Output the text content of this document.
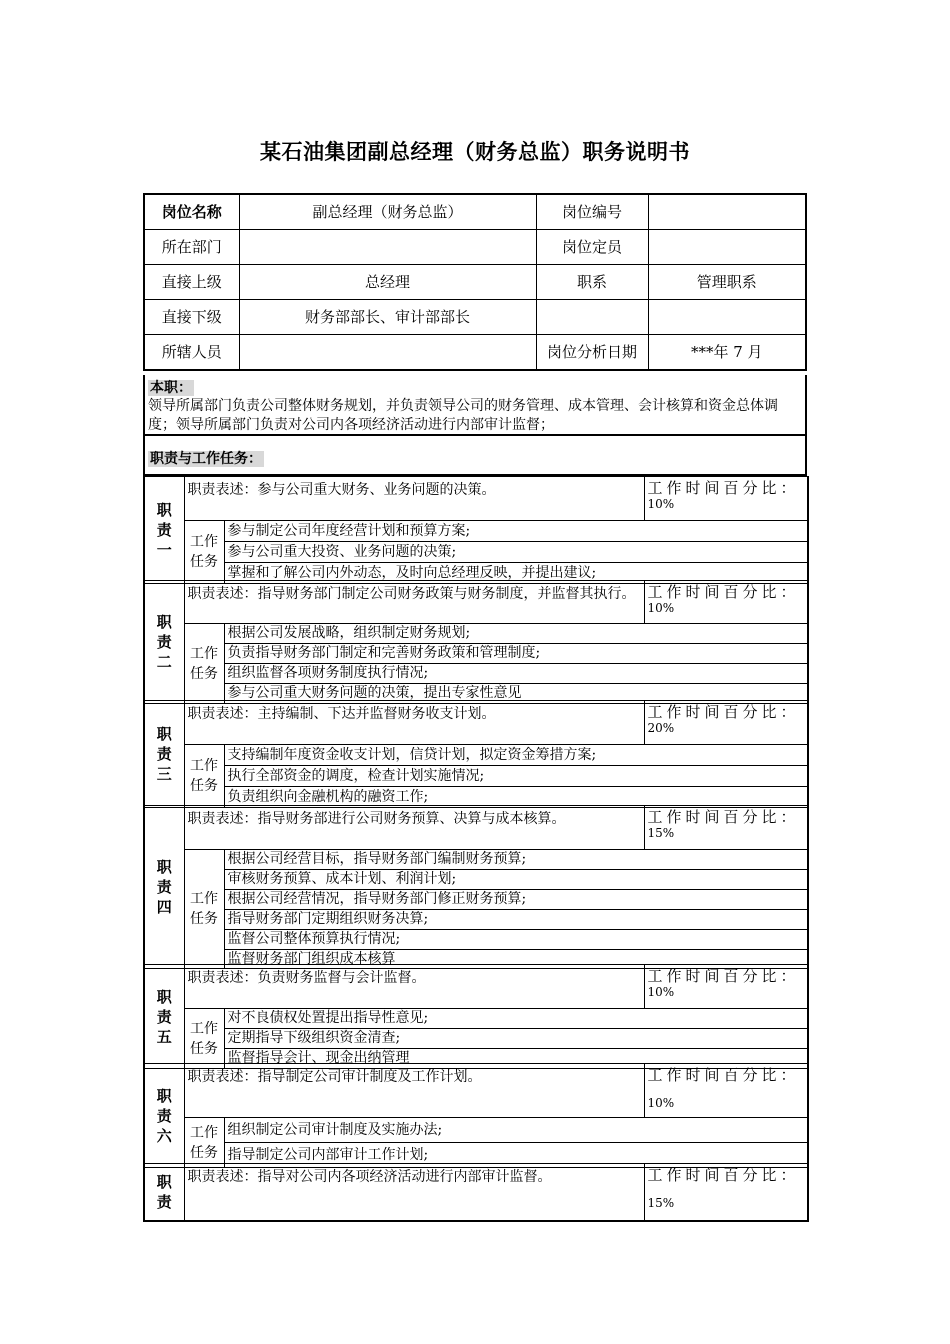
某石油集团副总经理（财务总监）职务说明书
岗位名称	副总经理（财务总监）	岗位编号	
所在部门		岗位定员	
直接上级	总经理	职系	管理职系
直接下级	财务部部长、审计部部长		
所辖人员		岗位分析日期	***年 7 月
本职：
领导所属部门负责公司整体财务规划，并负责领导公司的财务管理、成本管理、会计核算和资金总体调度；领导所属部门负责对公司内各项经济活动进行内部审计监督；
职责与工作任务：
职
责
一	职责表述：参与公司重大财务、业务问题的决策。		工作时间百分比：
10%

	工作
任务	参与制定公司年度经营计划和预算方案;	
		参与公司重大投资、业务问题的决策;	
		掌握和了解公司内外动态，及时向总经理反映，并提出建议;	
职
责
二	职责表述：指导财务部门制定公司财务政策与财务制度，并监督其执行。		工作时间百分比：
10%

	工作
任务	根据公司发展战略，组织制定财务规划;	
		负责指导财务部门制定和完善财务政策和管理制度;	
		组织监督各项财务制度执行情况;	
		参与公司重大财务问题的决策，提出专家性意见	
职
责
三	职责表述：主持编制、下达并监督财务收支计划。		工作时间百分比：
20%

	工作
任务	支持编制年度资金收支计划，信贷计划，拟定资金筹措方案;	
		执行全部资金的调度，检查计划实施情况;	
		负责组织向金融机构的融资工作;	
职
责
四	职责表述：指导财务部进行公司财务预算、决算与成本核算。		工作时间百分比：
15%

	工作
任务	根据公司经营目标，指导财务部门编制财务预算;	
		审核财务预算、成本计划、利润计划;	
		根据公司经营情况，指导财务部门修正财务预算;	
		指导财务部门定期组织财务决算;	
		监督公司整体预算执行情况;	
		监督财务部门组织成本核算	
职
责
五	职责表述：负责财务监督与会计监督。		工作时间百分比：
10%

	工作
任务	对不良债权处置提出指导性意见;	
		定期指导下级组织资金清查;	
		监督指导会计、现金出纳管理	
职
责
六	职责表述：指导制定公司审计制度及工作计划。		工作时间百分比：
10%

	工作
任务	组织制定公司审计制度及实施办法;	
		指导制定公司内部审计工作计划;	
职
责	职责表述：指导对公司内各项经济活动进行内部审计监督。	工作时间百分比：
15%
